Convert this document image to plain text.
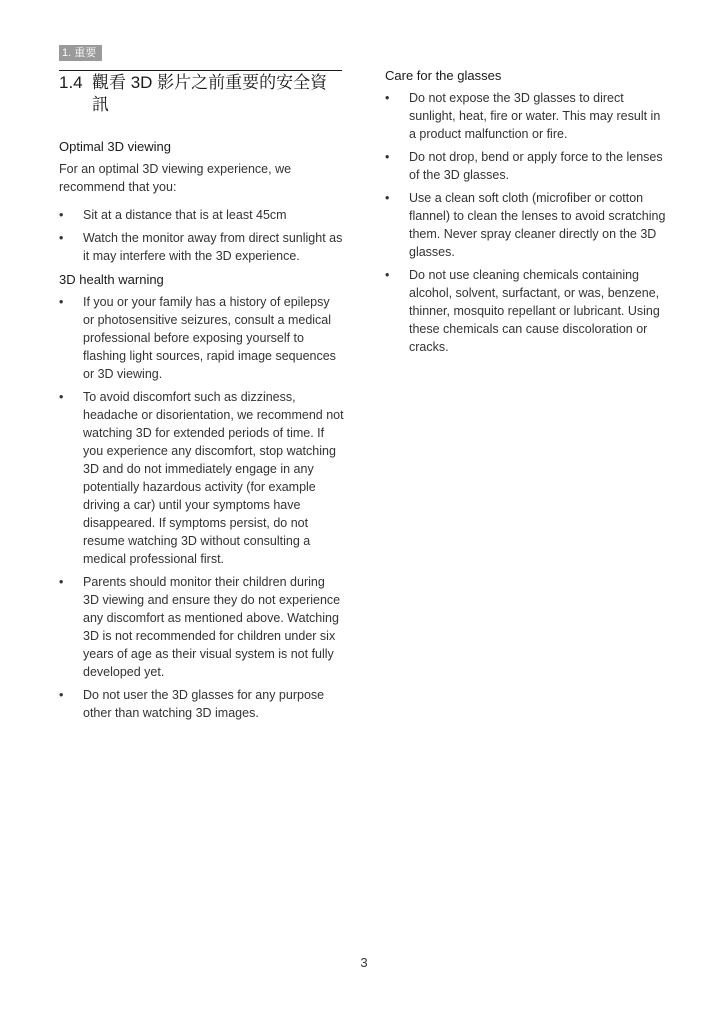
1. 重要
1.4 觀看 3D 影片之前重要的安全資訊
Optimal 3D viewing
For an optimal 3D viewing experience, we recommend that you:
• Sit at a distance that is at least 45cm
• Watch the monitor away from direct sunlight as it may interfere with the 3D experience.
3D health warning
• If you or your family has a history of epilepsy or photosensitive seizures, consult a medical professional before exposing yourself to flashing light sources, rapid image sequences or 3D viewing.
• To avoid discomfort such as dizziness, headache or disorientation, we recommend not watching 3D for extended periods of time. If you experience any discomfort, stop watching 3D and do not immediately engage in any potentially hazardous activity (for example driving a car) until your symptoms have disappeared. If symptoms persist, do not resume watching 3D without consulting a medical professional first.
• Parents should monitor their children during 3D viewing and ensure they do not experience any discomfort as mentioned above. Watching 3D is not recommended for children under six years of age as their visual system is not fully developed yet.
• Do not user the 3D glasses for any purpose other than watching 3D images.
Care for the glasses
• Do not expose the 3D glasses to direct sunlight, heat, fire or water. This may result in a product malfunction or fire.
• Do not drop, bend or apply force to the lenses of the 3D glasses.
• Use a clean soft cloth (microfiber or cotton flannel) to clean the lenses to avoid scratching them. Never spray cleaner directly on the 3D glasses.
• Do not use cleaning chemicals containing alcohol, solvent, surfactant, or was, benzene, thinner, mosquito repellant or lubricant. Using these chemicals can cause discoloration or cracks.
3
